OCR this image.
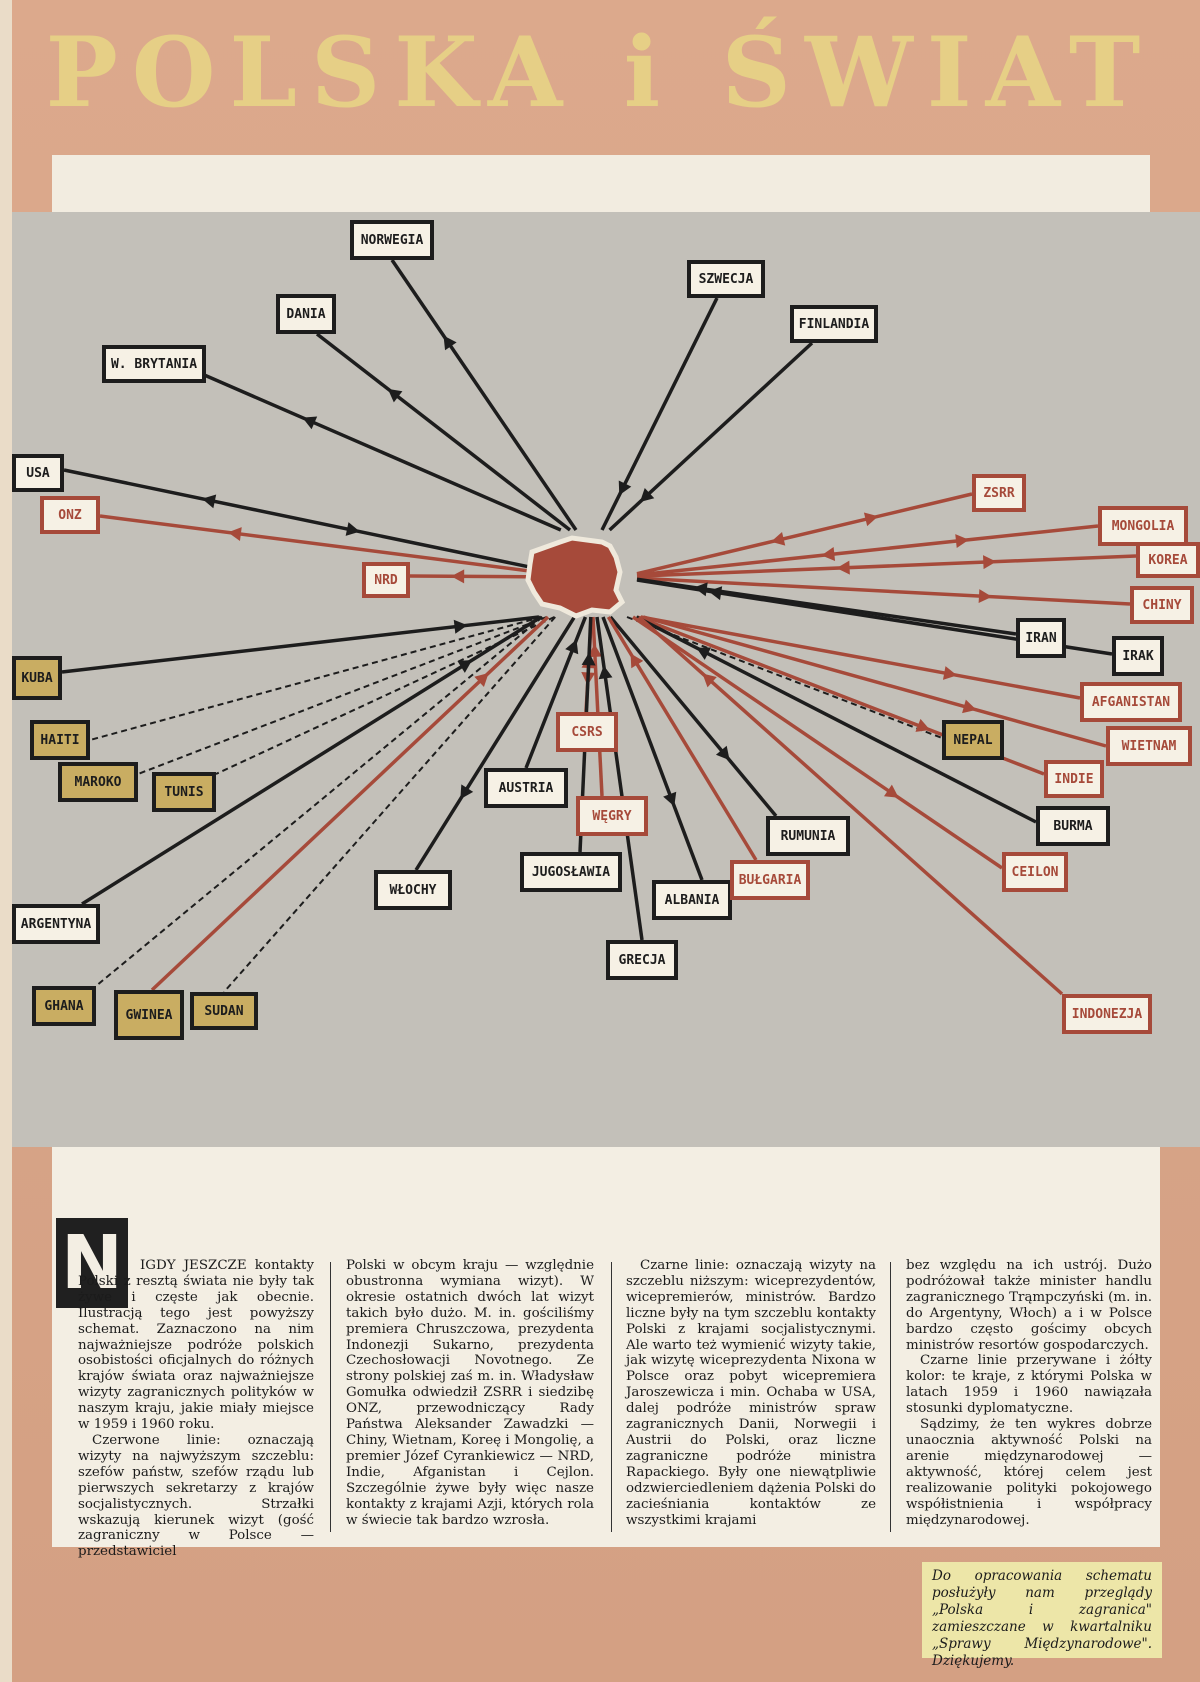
POLSKA i ŚWIAT
NORWEGIA
DANIA
W. BRYTANIA
SZWECJA
FINLANDIA
USA
ONZ
NRD
ZSRR
MONGOLIA
KOREA
CHINY
IRAN
IRAK
AFGANISTAN
NEPAL	WIETNAM
INDIE
BURMA
CEILON
INDONEZJA
KUBA
HAITI
MAROKO
TUNIS	AUSTRIA
CSRS
WĘGRY
JUGOSŁAWIA
RUMUNIA
ALBANIA
BUŁGARIA
GRECJA
WŁOCHY
ARGENTYNA
GHANA
GWINEA SUDAN
N	IGDY JESZCZE kontakty Polski z resztą świata nie były tak żywe i częste jak obecnie. Ilustracją tego jest powyższy schemat. Zaznaczono na nim najważniejsze podróże polskich osobistości oficjalnych do różnych krajów świata oraz najważniejsze wizyty zagranicznych polityków w naszym kraju, jakie miały miejsce w 1959 i 1960 roku.

Czerwone linie: oznaczają wizyty na najwyższym szczeblu: szefów państw, szefów rządu lub pierwszych sekretarzy z krajów socjalistycznych. Strzałki wskazują kierunek wizyt (gość zagraniczny w Polsce — przedstawiciel

Polski w obcym kraju — względnie obustronna wymiana wizyt). W okresie ostatnich dwóch lat wizyt takich było dużo. M. in. gościliśmy premiera Chruszczowa, prezydenta Indonezji Sukarno, prezydenta Czechosłowacji Novotnego. Ze strony polskiej zaś m. in. Władysław Gomułka odwiedził ZSRR i siedzibę ONZ, przewodniczący Rady Państwa Aleksander Zawadzki — Chiny, Wietnam, Koreę i Mongolię, a premier Józef Cyrankiewicz — NRD, Indie, Afganistan i Cejlon. Szczególnie żywe były więc nasze kontakty z krajami Azji, których rola w świecie tak bardzo wzrosła.

Czarne linie: oznaczają wizyty na szczeblu niższym: wiceprezydentów, wicepremierów, ministrów. Bardzo liczne były na tym szczeblu kontakty Polski z krajami socjalistycznymi. Ale warto też wymienić wizyty takie, jak wizytę wiceprezydenta Nixona w Polsce oraz pobyt wicepremiera Jaroszewicza i min. Ochaba w USA, dalej podróże ministrów spraw zagranicznych Danii, Norwegii i Austrii do Polski, oraz liczne zagraniczne podróże ministra Rapackiego. Były one niewątpliwie odzwierciedleniem dążenia Polski do zacieśniania kontaktów ze wszystkimi krajami

bez względu na ich ustrój. Dużo podróżował także minister handlu zagranicznego Trąmpczyński (m. in. do Argentyny, Włoch) a i w Polsce bardzo często gościmy obcych ministrów resortów gospodarczych.

Czarne linie przerywane i żółty kolor: te kraje, z którymi Polska w latach 1959 i 1960 nawiązała stosunki dyplomatyczne.

Sądzimy, że ten wykres dobrze unaocznia aktywność Polski na arenie międzynarodowej — aktywność, której celem jest realizowanie polityki pokojowego współistnienia i współpracy międzynarodowej.

Do opracowania schematu posłużyły nam przeglądy „Polska i zagranica" zamieszczane w kwartalniku „Sprawy Międzynarodowe". Dziękujemy.
